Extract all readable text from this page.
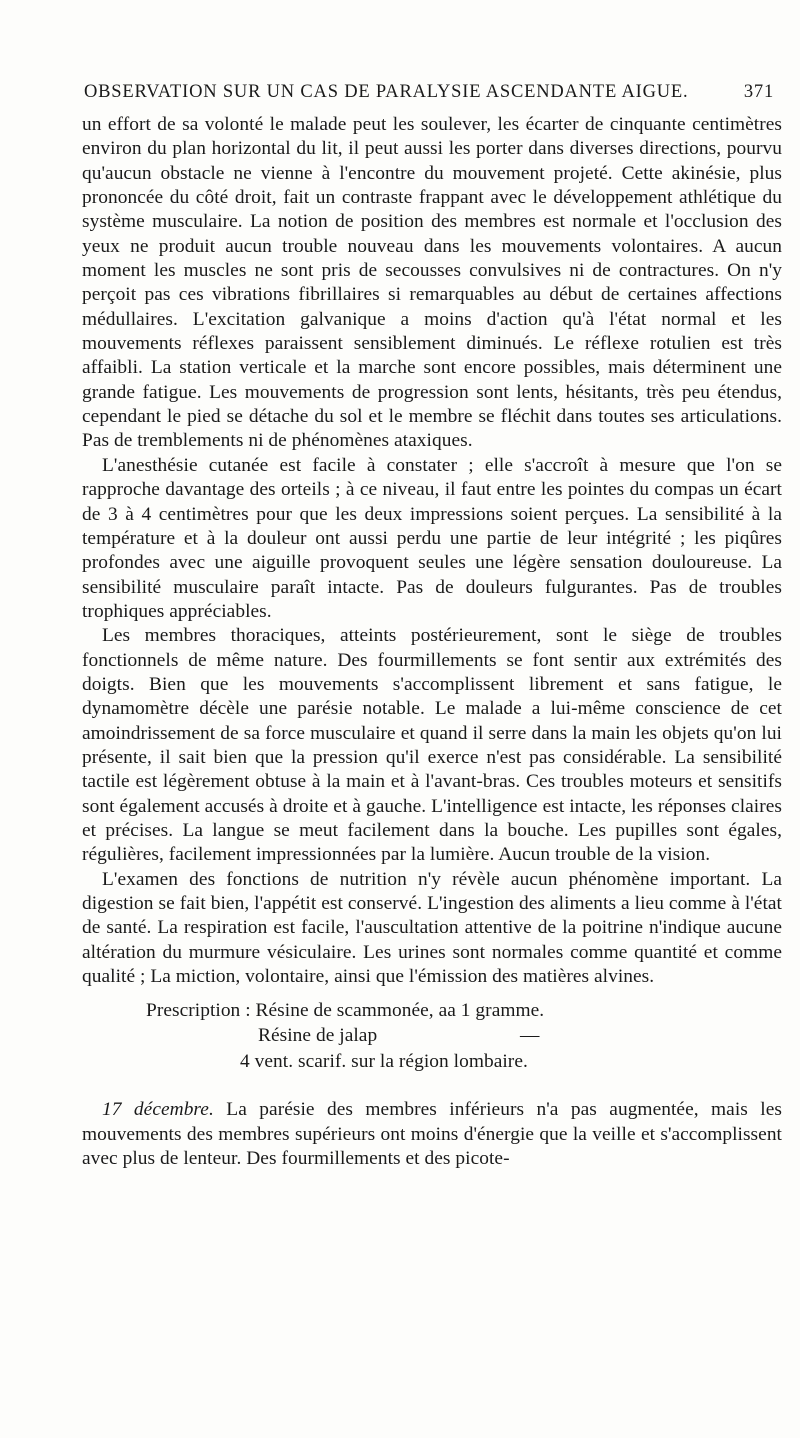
OBSERVATION SUR UN CAS DE PARALYSIE ASCENDANTE AIGUE.	371

un effort de sa volonté le malade peut les soulever, les écarter de cinquante centimètres environ du plan horizontal du lit, il peut aussi les porter dans diverses directions, pourvu qu'aucun obstacle ne vienne à l'encontre du mouvement projeté. Cette akinésie, plus prononcée du côté droit, fait un contraste frappant avec le développement athlétique du système musculaire. La notion de position des membres est normale et l'occlusion des yeux ne produit aucun trouble nouveau dans les mouvements volontaires. A aucun moment les muscles ne sont pris de secousses convulsives ni de contractures. On n'y perçoit pas ces vibrations fibrillaires si remarquables au début de certaines affections médullaires. L'excitation galvanique a moins d'action qu'à l'état normal et les mouvements réflexes paraissent sensiblement diminués. Le réflexe rotulien est très affaibli. La station verticale et la marche sont encore possibles, mais déterminent une grande fatigue. Les mouvements de progression sont lents, hésitants, très peu étendus, cependant le pied se détache du sol et le membre se fléchit dans toutes ses articulations. Pas de tremblements ni de phénomènes ataxiques.

L'anesthésie cutanée est facile à constater ; elle s'accroît à mesure que l'on se rapproche davantage des orteils ; à ce niveau, il faut entre les pointes du compas un écart de 3 à 4 centimètres pour que les deux impressions soient perçues. La sensibilité à la température et à la douleur ont aussi perdu une partie de leur intégrité ; les piqûres profondes avec une aiguille provoquent seules une légère sensation douloureuse. La sensibilité musculaire paraît intacte. Pas de douleurs fulgurantes. Pas de troubles trophiques appréciables.

Les membres thoraciques, atteints postérieurement, sont le siège de troubles fonctionnels de même nature. Des fourmillements se font sentir aux extrémités des doigts. Bien que les mouvements s'accomplissent librement et sans fatigue, le dynamomètre décèle une parésie notable. Le malade a lui-même conscience de cet amoindrissement de sa force musculaire et quand il serre dans la main les objets qu'on lui présente, il sait bien que la pression qu'il exerce n'est pas considérable. La sensibilité tactile est légèrement obtuse à la main et à l'avant-bras. Ces troubles moteurs et sensitifs sont également accusés à droite et à gauche. L'intelligence est intacte, les réponses claires et précises. La langue se meut facilement dans la bouche. Les pupilles sont égales, régulières, facilement impressionnées par la lumière. Aucun trouble de la vision.

L'examen des fonctions de nutrition n'y révèle aucun phénomène important. La digestion se fait bien, l'appétit est conservé. L'ingestion des aliments a lieu comme à l'état de santé. La respiration est facile, l'auscultation attentive de la poitrine n'indique aucune altération du murmure vésiculaire. Les urines sont normales comme quantité et comme qualité ; La miction, volontaire, ainsi que l'émission des matières alvines.

Prescription : Résine de scammonée, aa 1 gramme.
Résine de jalap	—
4 vent. scarif. sur la région lombaire.

17 décembre. La parésie des membres inférieurs n'a pas augmentée, mais les mouvements des membres supérieurs ont moins d'énergie que la veille et s'accomplissent avec plus de lenteur. Des fourmillements et des picote-
